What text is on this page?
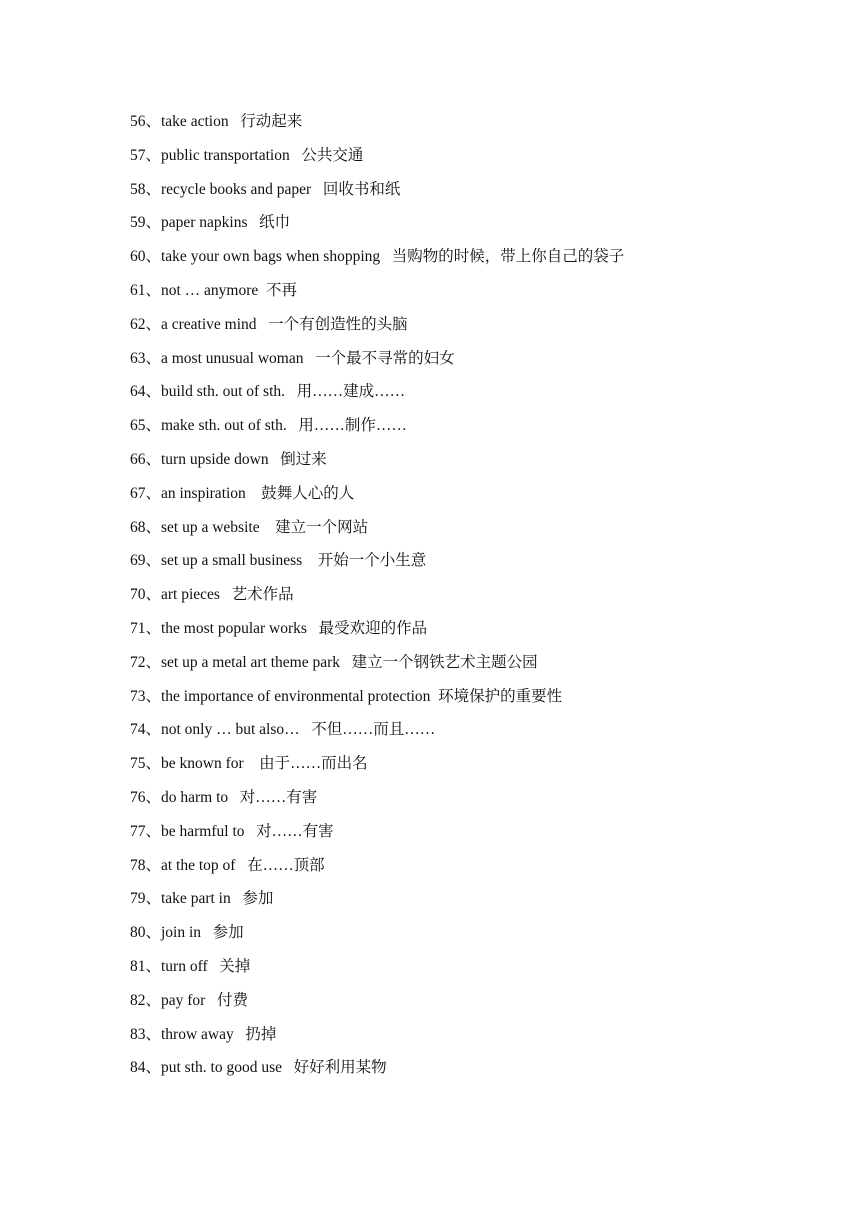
56、take action   行动起来
57、public transportation   公共交通
58、recycle books and paper   回收书和纸
59、paper napkins   纸巾
60、take your own bags when shopping   当购物的时候，带上你自己的袋子
61、not … anymore  不再
62、a creative mind   一个有创造性的头脑
63、a most unusual woman   一个最不寻常的妇女
64、build sth. out of sth.   用……建成……
65、make sth. out of sth.   用……制作……
66、turn upside down   倒过来
67、an inspiration    鼓舞人心的人
68、set up a website    建立一个网站
69、set up a small business    开始一个小生意
70、art pieces   艺术作品
71、the most popular works   最受欢迎的作品
72、set up a metal art theme park   建立一个钢铁艺术主题公园
73、the importance of environmental protection  环境保护的重要性
74、not only … but also…   不但……而且……
75、be known for    由于……而出名
76、do harm to   对……有害
77、be harmful to   对……有害
78、at the top of   在……顶部
79、take part in   参加
80、join in   参加
81、turn off   关掉
82、pay for   付费
83、throw away   扔掉
84、put sth. to good use   好好利用某物
